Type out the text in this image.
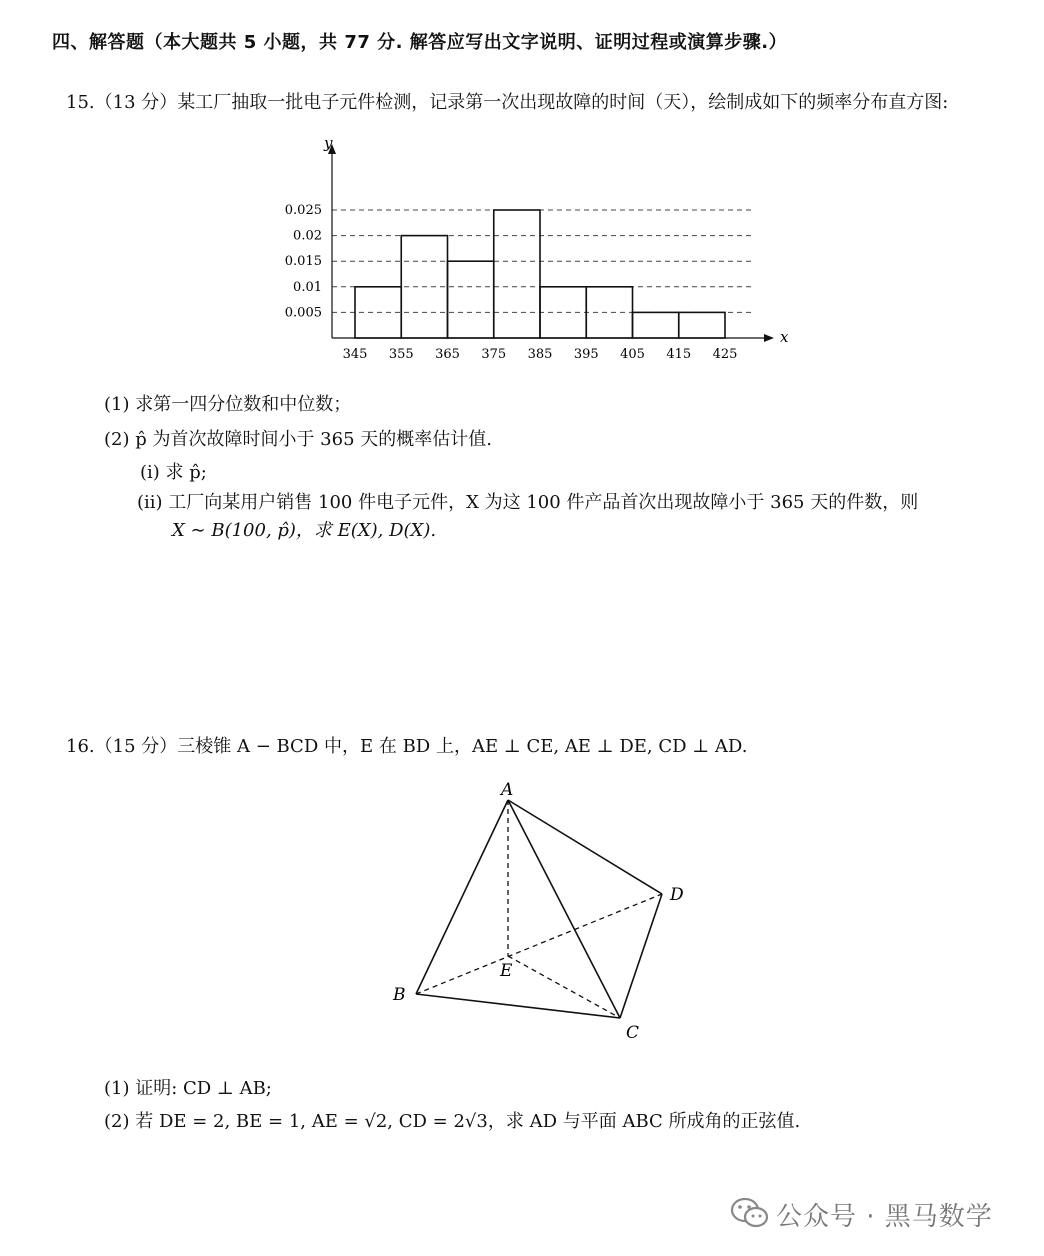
四、解答题（本大题共 5 小题，共 77 分. 解答应写出文字说明、证明过程或演算步骤.）
15.（13 分）某工厂抽取一批电子元件检测，记录第一次出现故障的时间（天），绘制成如下的频率分布直方图:
345 355 365 375 385 395 405 415 425
0.005
0.01
0.015
0.02
0.025
x
y
(1) 求第一四分位数和中位数；
(2) p̂ 为首次故障时间小于 365 天的概率估计值.
(i) 求 p̂;
(ii) 工厂向某用户销售 100 件电子元件，X 为这 100 件产品首次出现故障小于 365 天的件数，则
X ∼ B(100, p̂)，求 E(X), D(X).
16.（15 分）三棱锥 A − BCD 中，E 在 BD 上，AE ⊥ CE, AE ⊥ DE, CD ⊥ AD.
A
B
C
D
E
(1) 证明: CD ⊥ AB;
(2) 若 DE = 2, BE = 1, AE = √2, CD = 2√3，求 AD 与平面 ABC 所成角的正弦值.
公众号 · 黑马数学
